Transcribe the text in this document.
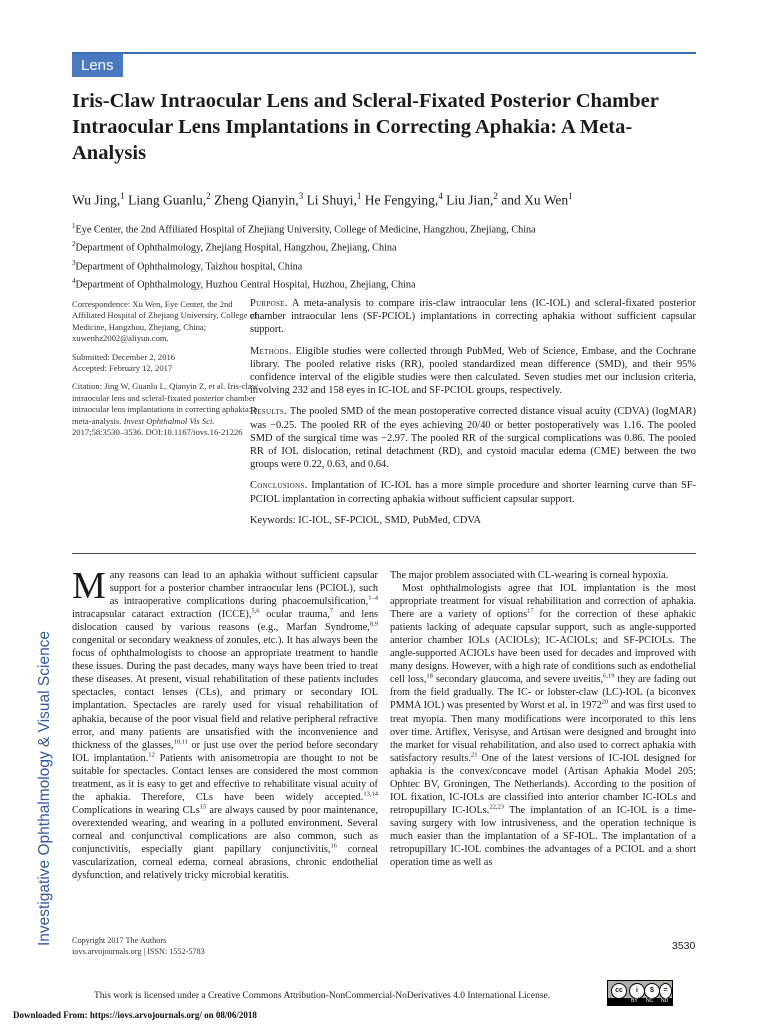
Lens
Iris-Claw Intraocular Lens and Scleral-Fixated Posterior Chamber Intraocular Lens Implantations in Correcting Aphakia: A Meta-Analysis

Wu Jing,$^1$ Liang Guanlu,$^2$ Zheng Qianyin,$^3$ Li Shuyi,$^1$ He Fengying,$^4$ Liu Jian,$^2$ and Xu Wen$^1$

$^1$Eye Center, the 2nd Affiliated Hospital of Zhejiang University, College of Medicine, Hangzhou, Zhejiang, China
$^2$Department of Ophthalmology, Zhejiang Hospital, Hangzhou, Zhejiang, China
$^3$Department of Ophthalmology, Taizhou hospital, China
$^4$Department of Ophthalmology, Huzhou Central Hospital, Huzhou, Zhejiang, China

Correspondence: Xu Wen, Eye Center, the 2nd Affiliated Hospital of Zhejiang University, College of Medicine, Hangzhou, Zhejiang, China; xuwenhz2002@aliyun.com.

Submitted: December 2, 2016
Accepted: February 12, 2017

Citation: Jing W, Guanlu L, Qianyin Z, et al. Iris-claw intraocular lens and scleral-fixated posterior chamber intraocular lens implantations in correcting aphakia: a meta-analysis. Invest Ophthalmol Vis Sci. 2017;58:3530–3536. DOI:10.1167/iovs.16-21226

Purpose. A meta-analysis to compare iris-claw intraocular lens (IC-IOL) and scleral-fixated posterior chamber intraocular lens (SF-PCIOL) implantations in correcting aphakia without sufficient capsular support.

Methods. Eligible studies were collected through PubMed, Web of Science, Embase, and the Cochrane library. The pooled relative risks (RR), pooled standardized mean difference (SMD), and their 95% confidence interval of the eligible studies were then calculated. Seven studies met our inclusion criteria, involving 232 and 158 eyes in IC-IOL and SF-PCIOL groups, respectively.

Results. The pooled SMD of the mean postoperative corrected distance visual acuity (CDVA) (logMAR) was −0.25. The pooled RR of the eyes achieving 20/40 or better postoperatively was 1.16. The pooled SMD of the surgical time was −2.97. The pooled RR of the surgical complications was 0.86. The pooled RR of IOL dislocation, retinal detachment (RD), and cystoid macular edema (CME) between the two groups were 0.22, 0.63, and 0.64.

Conclusions. Implantation of IC-IOL has a more simple procedure and shorter learning curve than SF-PCIOL implantation in correcting aphakia without sufficient capsular support.

Keywords: IC-IOL, SF-PCIOL, SMD, PubMed, CDVA

Investigative Ophthalmology & Visual Science

Many reasons can lead to an aphakia without sufficient capsular support for a posterior chamber intraocular lens (PCIOL), such as intraoperative complications during phacoemulsification,$^{1-4}$ intracapsular cataract extraction (ICCE),$^{5,6}$ ocular trauma,$^7$ and lens dislocation caused by various reasons (e.g., Marfan Syndrome,$^{8,9}$ congenital or secondary weakness of zonules, etc.). It has always been the focus of ophthalmologists to choose an appropriate treatment to handle these issues. During the past decades, many ways have been tried to treat these diseases. At present, visual rehabilitation of these patients includes spectacles, contact lenses (CLs), and primary or secondary IOL implantation. Spectacles are rarely used for visual rehabilitation of aphakia, because of the poor visual field and relative peripheral refractive error, and many patients are unsatisfied with the inconvenience and thickness of the glasses,$^{10,11}$ or just use over the period before secondary IOL implantation.$^{12}$ Patients with anisometropia are thought to not be suitable for spectacles. Contact lenses are considered the most common treatment, as it is easy to get and effective to rehabilitate visual acuity of the aphakia. Therefore, CLs have been widely accepted.$^{13,14}$ Complications in wearing CLs$^{15}$ are always caused by poor maintenance, overextended wearing, and wearing in a polluted environment. Several corneal and conjunctival complications are also common, such as conjunctivitis, especially giant papillary conjunctivitis,$^{16}$ corneal vascularization, corneal edema, corneal abrasions, chronic endothelial dysfunction, and relatively tricky microbial keratitis.

The major problem associated with CL-wearing is corneal hypoxia.

Most ophthalmologists agree that IOL implantation is the most appropriate treatment for visual rehabilitation and correction of aphakia. There are a variety of options$^{17}$ for the correction of these aphakic patients lacking of adequate capsular support, such as angle-supported anterior chamber IOLs (ACIOLs); IC-ACIOLs; and SF-PCIOLs. The angle-supported ACIOLs have been used for decades and improved with many designs. However, with a high rate of conditions such as endothelial cell loss,$^{18}$ secondary glaucoma, and severe uveitis,$^{6,19}$ they are fading out from the field gradually. The IC- or lobster-claw (LC)-IOL (a biconvex PMMA IOL) was presented by Worst et al. in 1972$^{20}$ and was first used to treat myopia. Then many modifications were incorporated to this lens over time. Artiflex, Verisyse, and Artisan were designed and brought into the market for visual rehabilitation, and also used to correct aphakia with satisfactory results.$^{21}$ One of the latest versions of IC-IOL designed for aphakia is the convex/concave model (Artisan Aphakia Model 205; Ophtec BV, Groningen, The Netherlands). According to the position of IOL fixation, IC-IOLs are classified into anterior chamber IC-IOLs and retropupillary IC-IOLs.$^{22,23}$ The implantation of an IC-IOL is a time-saving surgery with low intrusiveness, and the operation technique is much easier than the implantation of a SF-IOL. The implantation of a retropupillary IC-IOL combines the advantages of a PCIOL and a short operation time as well as

Copyright 2017 The Authors
iovs.arvojournals.org | ISSN: 1552-5783	3530
This work is licensed under a Creative Commons Attribution-NonCommercial-NoDerivatives 4.0 International License.
cc	i	$	=
BY NC ND
Downloaded From: https://iovs.arvojournals.org/ on 08/06/2018
